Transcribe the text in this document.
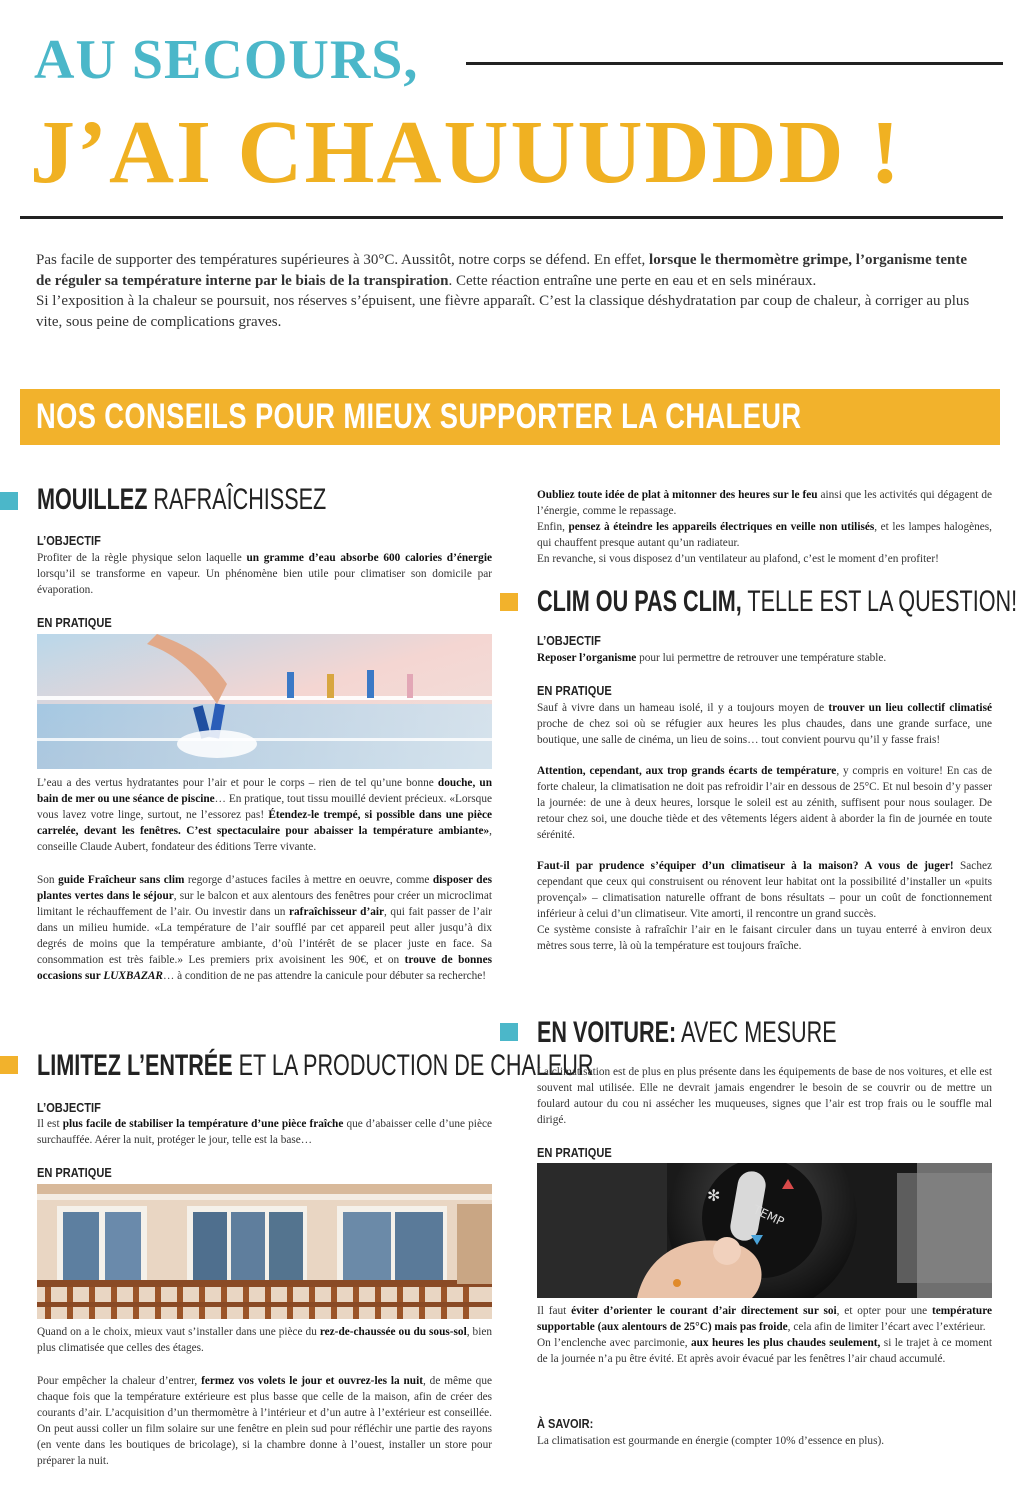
AU SECOURS,
J’AI CHAUUUDDD !

Pas facile de supporter des températures supérieures à 30°C. Aussitôt, notre corps se défend. En effet, lorsque le thermomètre grimpe, l’organisme tente de réguler sa température interne par le biais de la transpiration. Cette réaction entraîne une perte en eau et en sels minéraux.

Si l’exposition à la chaleur se poursuit, nos réserves s’épuisent, une fièvre apparaît. C’est la classique déshydratation par coup de chaleur, à corriger au plus vite, sous peine de complications graves.

NOS CONSEILS POUR MIEUX SUPPORTER LA CHALEUR
MOUILLEZ RAFRAÎCHISSEZ
L’OBJECTIF

Profiter de la règle physique selon laquelle un gramme d’eau absorbe 600 calories d’énergie lorsqu’il se transforme en vapeur. Un phénomène bien utile pour climatiser son domicile par évaporation.

EN PRATIQUE

L’eau a des vertus hydratantes pour l’air et pour le corps – rien de tel qu’une bonne douche, un bain de mer ou une séance de piscine… En pratique, tout tissu mouillé devient précieux. «Lorsque vous lavez votre linge, surtout, ne l’essorez pas! Étendez-le trempé, si possible dans une pièce carrelée, devant les fenêtres. C’est spectaculaire pour abaisser la température ambiante», conseille Claude Aubert, fondateur des éditions Terre vivante.

Son guide Fraîcheur sans clim regorge d’astuces faciles à mettre en oeuvre, comme disposer des plantes vertes dans le séjour, sur le balcon et aux alentours des fenêtres pour créer un microclimat limitant le réchauffement de l’air. Ou investir dans un rafraîchisseur d’air, qui fait passer de l’air dans un milieu humide. «La température de l’air soufflé par cet appareil peut aller jusqu’à dix degrés de moins que la température ambiante, d’où l’intérêt de se placer juste en face. Sa consommation est très faible.» Les premiers prix avoisinent les 90€, et on trouve de bonnes occasions sur LUXBAZAR… à condition de ne pas attendre la canicule pour débuter sa recherche!

LIMITEZ L’ENTRÉE ET LA PRODUCTION DE CHALEUR
L’OBJECTIF

Il est plus facile de stabiliser la température d’une pièce fraîche que d’abaisser celle d’une pièce surchauffée. Aérer la nuit, protéger le jour, telle est la base…

EN PRATIQUE

Quand on a le choix, mieux vaut s’installer dans une pièce du rez-de-chaussée ou du sous-sol, bien plus climatisée que celles des étages.

Pour empêcher la chaleur d’entrer, fermez vos volets le jour et ouvrez-les la nuit, de même que chaque fois que la température extérieure est plus basse que celle de la maison, afin de créer des courants d’air. L’acquisition d’un thermomètre à l’intérieur et d’un autre à l’extérieur est conseillée. On peut aussi coller un film solaire sur une fenêtre en plein sud pour réfléchir une partie des rayons (en vente dans les boutiques de bricolage), si la chambre donne à l’ouest, installer un store pour préparer la nuit.

Oubliez toute idée de plat à mitonner des heures sur le feu ainsi que les activités qui dégagent de l’énergie, comme le repassage.

Enfin, pensez à éteindre les appareils électriques en veille non utilisés, et les lampes halogènes, qui chauffent presque autant qu’un radiateur.

En revanche, si vous disposez d’un ventilateur au plafond, c’est le moment d’en profiter!

CLIM OU PAS CLIM, TELLE EST LA QUESTION!
L’OBJECTIF

Reposer l’organisme pour lui permettre de retrouver une température stable.

EN PRATIQUE

Sauf à vivre dans un hameau isolé, il y a toujours moyen de trouver un lieu collectif climatisé proche de chez soi où se réfugier aux heures les plus chaudes, dans une grande surface, une boutique, une salle de cinéma, un lieu de soins… tout convient pourvu qu’il y fasse frais!

Attention, cependant, aux trop grands écarts de température, y compris en voiture! En cas de forte chaleur, la climatisation ne doit pas refroidir l’air en dessous de 25°C. Et nul besoin d’y passer la journée: de une à deux heures, lorsque le soleil est au zénith, suffisent pour nous soulager. De retour chez soi, une douche tiède et des vêtements légers aident à aborder la fin de journée en toute sérénité.

Faut-il par prudence s’équiper d’un climatiseur à la maison? A vous de juger! Sachez cependant que ceux qui construisent ou rénovent leur habitat ont la possibilité d’installer un «puits provençal» – climatisation naturelle offrant de bons résultats – pour un coût de fonctionnement inférieur à celui d’un climatiseur. Vite amorti, il rencontre un grand succès.

Ce système consiste à rafraîchir l’air en le faisant circuler dans un tuyau enterré à environ deux mètres sous terre, là où la température est toujours fraîche.

EN VOITURE: AVEC MESURE

La climatisation est de plus en plus présente dans les équipements de base de nos voitures, et elle est souvent mal utilisée. Elle ne devrait jamais engendrer le besoin de se couvrir ou de mettre un foulard autour du cou ni assécher les muqueuses, signes que l’air est trop frais ou le souffle mal dirigé.

EN PRATIQUE
✻
TEMP

Il faut éviter d’orienter le courant d’air directement sur soi, et opter pour une température supportable (aux alentours de 25°C) mais pas froide, cela afin de limiter l’écart avec l’extérieur.

On l’enclenche avec parcimonie, aux heures les plus chaudes seulement, si le trajet à ce moment de la journée n’a pu être évité. Et après avoir évacué par les fenêtres l’air chaud accumulé.

À SAVOIR:

La climatisation est gourmande en énergie (compter 10% d’essence en plus).
